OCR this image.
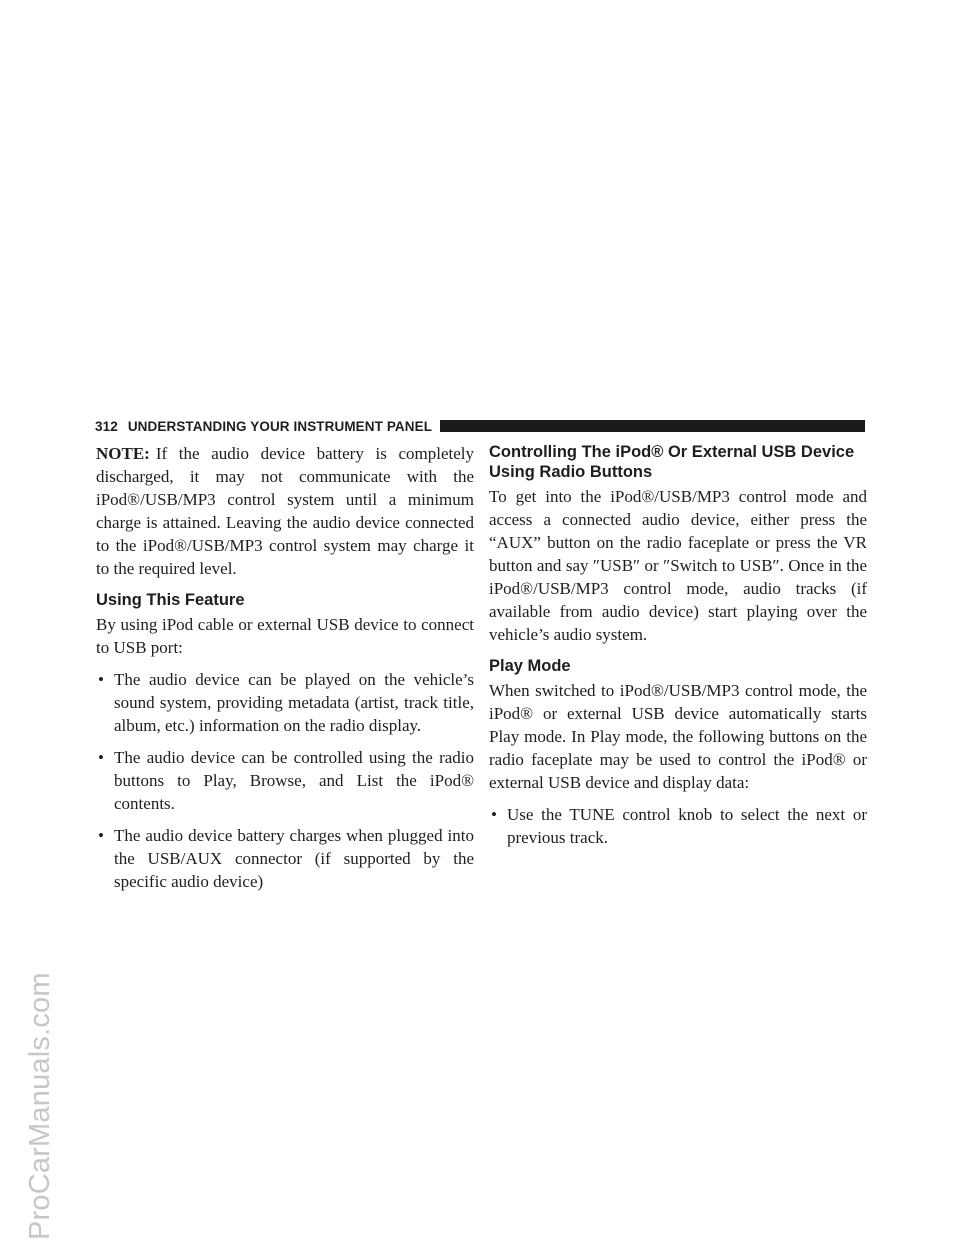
ProCarManuals.com
312 UNDERSTANDING YOUR INSTRUMENT PANEL

NOTE: If the audio device battery is completely discharged, it may not communicate with the iPod®/USB/MP3 control system until a minimum charge is attained. Leaving the audio device connected to the iPod®/USB/MP3 control system may charge it to the required level.

Using This Feature

By using iPod cable or external USB device to connect to USB port:

• The audio device can be played on the vehicle’s sound system, providing metadata (artist, track title, album, etc.) information on the radio display.
• The audio device can be controlled using the radio buttons to Play, Browse, and List the iPod® contents.
• The audio device battery charges when plugged into the USB/AUX connector (if supported by the specific audio device)
Controlling The iPod® Or External USB Device Using Radio Buttons

To get into the iPod®/USB/MP3 control mode and access a connected audio device, either press the “AUX” button on the radio faceplate or press the VR button and say ″USB″ or ″Switch to USB″. Once in the iPod®/USB/MP3 control mode, audio tracks (if available from audio device) start playing over the vehicle’s audio system.

Play Mode

When switched to iPod®/USB/MP3 control mode, the iPod® or external USB device automatically starts Play mode. In Play mode, the following buttons on the radio faceplate may be used to control the iPod® or external USB device and display data:

• Use the TUNE control knob to select the next or previous track.
